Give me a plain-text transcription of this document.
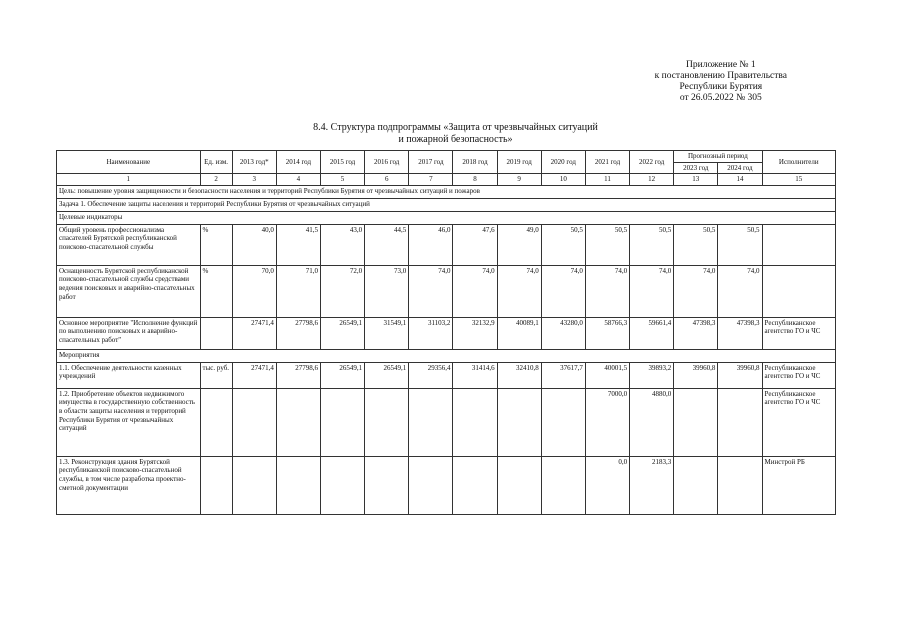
Приложение № 1
к постановлению Правительства
Республики Бурятия
от 26.05.2022 № 305
8.4. Структура подпрограммы «Защита от чрезвычайных ситуаций
и пожарной безопасность»
Наименование	Ед. изм.	2013 год*	2014 год	2015 год	2016 год	2017 год	2018 год	2019 год	2020 год	2021 год	2022 год	Прогнозный период		Исполнители
												2023 год	2024 год	
1	2	3	4	5	6	7	8	9	10	11	12	13	14	15
Цель: повышение уровня защищенности и безопасности населения и территорий Республики Бурятия от чрезвычайных ситуаций и пожаров														
Задача 1. Обеспечение защиты населения и территорий Республики Бурятия от чрезвычайных ситуаций														
Целевые индикаторы														
Общий уровень профессионализма спасателей Бурятской республиканской поисково-спасательной службы	%	40,0	41,5	43,0	44,5	46,0	47,6	49,0	50,5	50,5	50,5	50,5	50,5	
Оснащенность Бурятской республиканской поисково-спасательной службы средствами ведения поисковых и аварийно-спасательных работ	%	70,0	71,0	72,0	73,0	74,0	74,0	74,0	74,0	74,0	74,0	74,0	74,0	
Основное мероприятие "Исполнение функций по выполнению поисковых и аварийно-спасательных работ"		27471,4	27798,6	26549,1	31549,1	31103,2	32132,9	40089,1	43280,0	58766,3	59661,4	47398,3	47398,3	Республиканское агентство ГО и ЧС
Мероприятия														
1.1. Обеспечение деятельности казенных учреждений	тыс. руб.	27471,4	27798,6	26549,1	26549,1	29356,4	31414,6	32410,8	37617,7	40001,5	39893,2	39960,8	39960,8	Республиканское агентство ГО и ЧС
1.2. Приобретение объектов недвижимого имущества в государственную собственность в области защиты населения и территорий Республики Бурятия от чрезвычайных ситуаций										7000,0	4880,0			Республиканское агентство ГО и ЧС
1.3. Реконструкция здания Бурятской республиканской поисково-спасательной службы, в том числе разработка проектно-сметной документации										0,0	2183,3			Минстрой РБ
